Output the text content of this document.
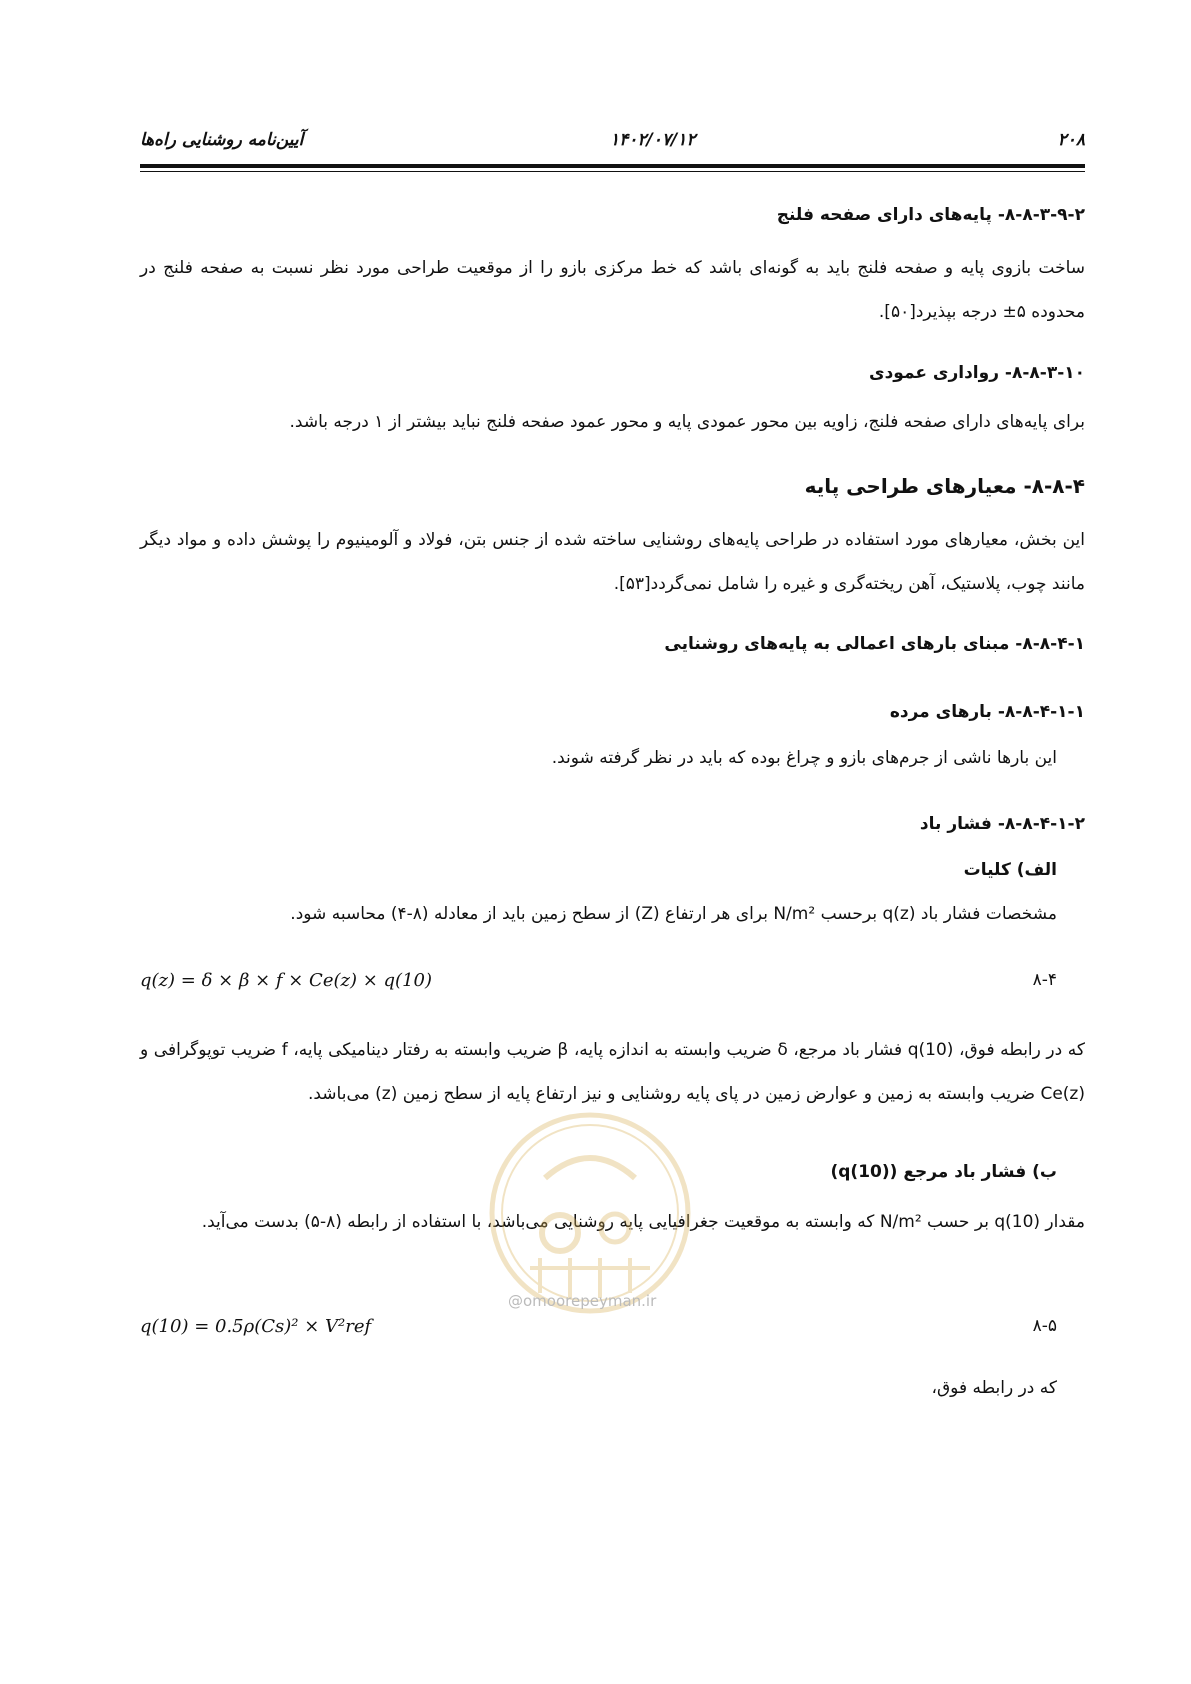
۲۰۸
۱۴۰۲/۰۷/۱۲
آیین‌نامه روشنایی راه‌ها
۸-۸-۳-۹-۲- پایه‌های دارای صفحه فلنج
ساخت بازوی پایه و صفحه فلنج باید به گونه‌ای باشد که خط مرکزی بازو را از موقعیت طراحی مورد نظر نسبت به صفحه فلنج در محدوده ۵± درجه بپذیرد[۵۰].
۸-۸-۳-۱۰- رواداری عمودی
برای پایه‌های دارای صفحه فلنج، زاویه بین محور عمودی پایه و محور عمود صفحه فلنج نباید بیشتر از ۱ درجه باشد.
۸-۸-۴- معیارهای طراحی پایه
این بخش، معیارهای مورد استفاده در طراحی پایه‌های روشنایی ساخته شده از جنس بتن، فولاد و آلومینیوم را پوشش داده و مواد دیگر مانند چوب، پلاستیک، آهن ریخته‌گری و غیره را شامل نمی‌گردد[۵۳].
۸-۸-۴-۱- مبنای بارهای اعمالی به پایه‌های روشنایی
۸-۸-۴-۱-۱- بارهای مرده
این بارها ناشی از جرم‌های بازو و چراغ بوده که باید در نظر گرفته شوند.
۸-۸-۴-۱-۲- فشار باد
الف) کلیات
مشخصات فشار باد q(z) برحسب N/m² برای هر ارتفاع (Z) از سطح زمین باید از معادله (۸-۴) محاسبه شود.
q(z) = δ × β × f × Ce(z) × q(10)	۸-۴
که در رابطه فوق، q(10) فشار باد مرجع، δ ضریب وابسته به اندازه پایه، β ضریب وابسته به رفتار دینامیکی پایه، f ضریب توپوگرافی و Ce(z) ضریب وابسته به زمین و عوارض زمین در پای پایه روشنایی و نیز ارتفاع پایه از سطح زمین (z) می‌باشد.
ب) فشار باد مرجع (q(10))
مقدار q(10) بر حسب N/m² که وابسته به موقعیت جغرافیایی پایه روشنایی می‌باشد، با استفاده از رابطه (۸-۵) بدست می‌آید.
q(10) = 0.5ρ(Cs)² × V²ref	۸-۵
که در رابطه فوق،
@omoorepeyman.ir
